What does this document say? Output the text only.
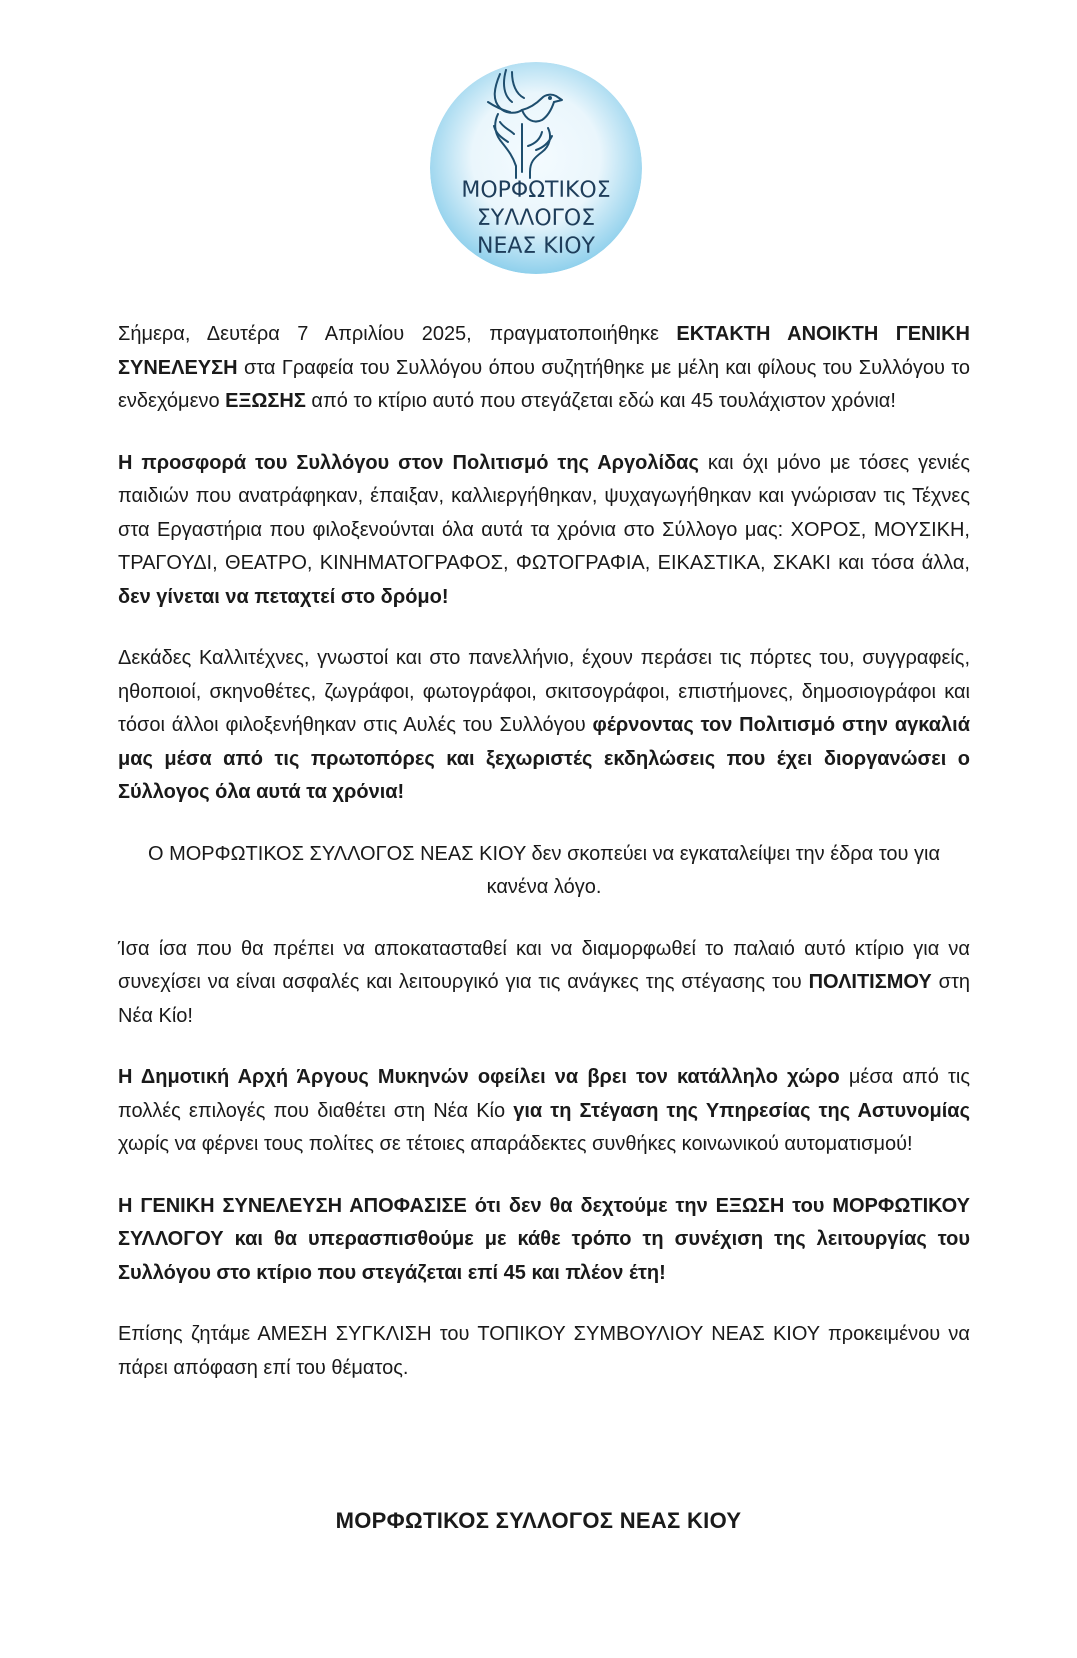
ΜΟΡΦΩΤΙΚΟΣ
ΣΥΛΛΟΓΟΣ
ΝΕΑΣ ΚΙΟΥ

Σήμερα, Δευτέρα 7 Απριλίου 2025, πραγματοποιήθηκε ΕΚΤΑΚΤΗ ΑΝΟΙΚΤΗ ΓΕΝΙΚΗ ΣΥΝΕΛΕΥΣΗ στα Γραφεία του Συλλόγου όπου συζητήθηκε με μέλη και φίλους του Συλλόγου το ενδεχόμενο ΕΞΩΣΗΣ από το κτίριο αυτό που στεγάζεται εδώ και 45 τουλάχιστον χρόνια!

Η προσφορά του Συλλόγου στον Πολιτισμό της Αργολίδας και όχι μόνο με τόσες γενιές παιδιών που ανατράφηκαν, έπαιξαν, καλλιεργήθηκαν, ψυχαγωγήθηκαν και γνώρισαν τις Τέχνες στα Εργαστήρια που φιλοξενούνται όλα αυτά τα χρόνια στο Σύλλογο μας: ΧΟΡΟΣ, ΜΟΥΣΙΚΗ, ΤΡΑΓΟΥΔΙ, ΘΕΑΤΡΟ, ΚΙΝΗΜΑΤΟΓΡΑΦΟΣ, ΦΩΤΟΓΡΑΦΙΑ, ΕΙΚΑΣΤΙΚΑ, ΣΚΑΚΙ και τόσα άλλα, δεν γίνεται να πεταχτεί στο δρόμο!

Δεκάδες Καλλιτέχνες, γνωστοί και στο πανελλήνιο, έχουν περάσει τις πόρτες του, συγγραφείς, ηθοποιοί, σκηνοθέτες, ζωγράφοι, φωτογράφοι, σκιτσογράφοι, επιστήμονες, δημοσιογράφοι και τόσοι άλλοι φιλοξενήθηκαν στις Αυλές του Συλλόγου φέρνοντας τον Πολιτισμό στην αγκαλιά μας μέσα από τις πρωτοπόρες και ξεχωριστές εκδηλώσεις που έχει διοργανώσει ο Σύλλογος όλα αυτά τα χρόνια!

Ο ΜΟΡΦΩΤΙΚΟΣ ΣΥΛΛΟΓΟΣ ΝΕΑΣ ΚΙΟΥ δεν σκοπεύει να εγκαταλείψει την έδρα του για κανένα λόγο.

Ίσα ίσα που θα πρέπει να αποκατασταθεί και να διαμορφωθεί το παλαιό αυτό κτίριο για να συνεχίσει να είναι ασφαλές και λειτουργικό για τις ανάγκες της στέγασης του ΠΟΛΙΤΙΣΜΟΥ στη Νέα Κίο!

Η Δημοτική Αρχή Άργους Μυκηνών οφείλει να βρει τον κατάλληλο χώρο μέσα από τις πολλές επιλογές που διαθέτει στη Νέα Κίο για τη Στέγαση της Υπηρεσίας της Αστυνομίας χωρίς να φέρνει τους πολίτες σε τέτοιες απαράδεκτες συνθήκες κοινωνικού αυτοματισμού!

Η ΓΕΝΙΚΗ ΣΥΝΕΛΕΥΣΗ ΑΠΟΦΑΣΙΣΕ ότι δεν θα δεχτούμε την ΕΞΩΣΗ του ΜΟΡΦΩΤΙΚΟΥ ΣΥΛΛΟΓΟΥ και θα υπερασπισθούμε με κάθε τρόπο τη συνέχιση της λειτουργίας του Συλλόγου στο κτίριο που στεγάζεται επί 45 και πλέον έτη!

Επίσης ζητάμε ΑΜΕΣΗ ΣΥΓΚΛΙΣΗ του ΤΟΠΙΚΟΥ ΣΥΜΒΟΥΛΙΟΥ ΝΕΑΣ ΚΙΟΥ προκειμένου να πάρει απόφαση επί του θέματος.

ΜΟΡΦΩΤΙΚΟΣ ΣΥΛΛΟΓΟΣ ΝΕΑΣ ΚΙΟΥ
